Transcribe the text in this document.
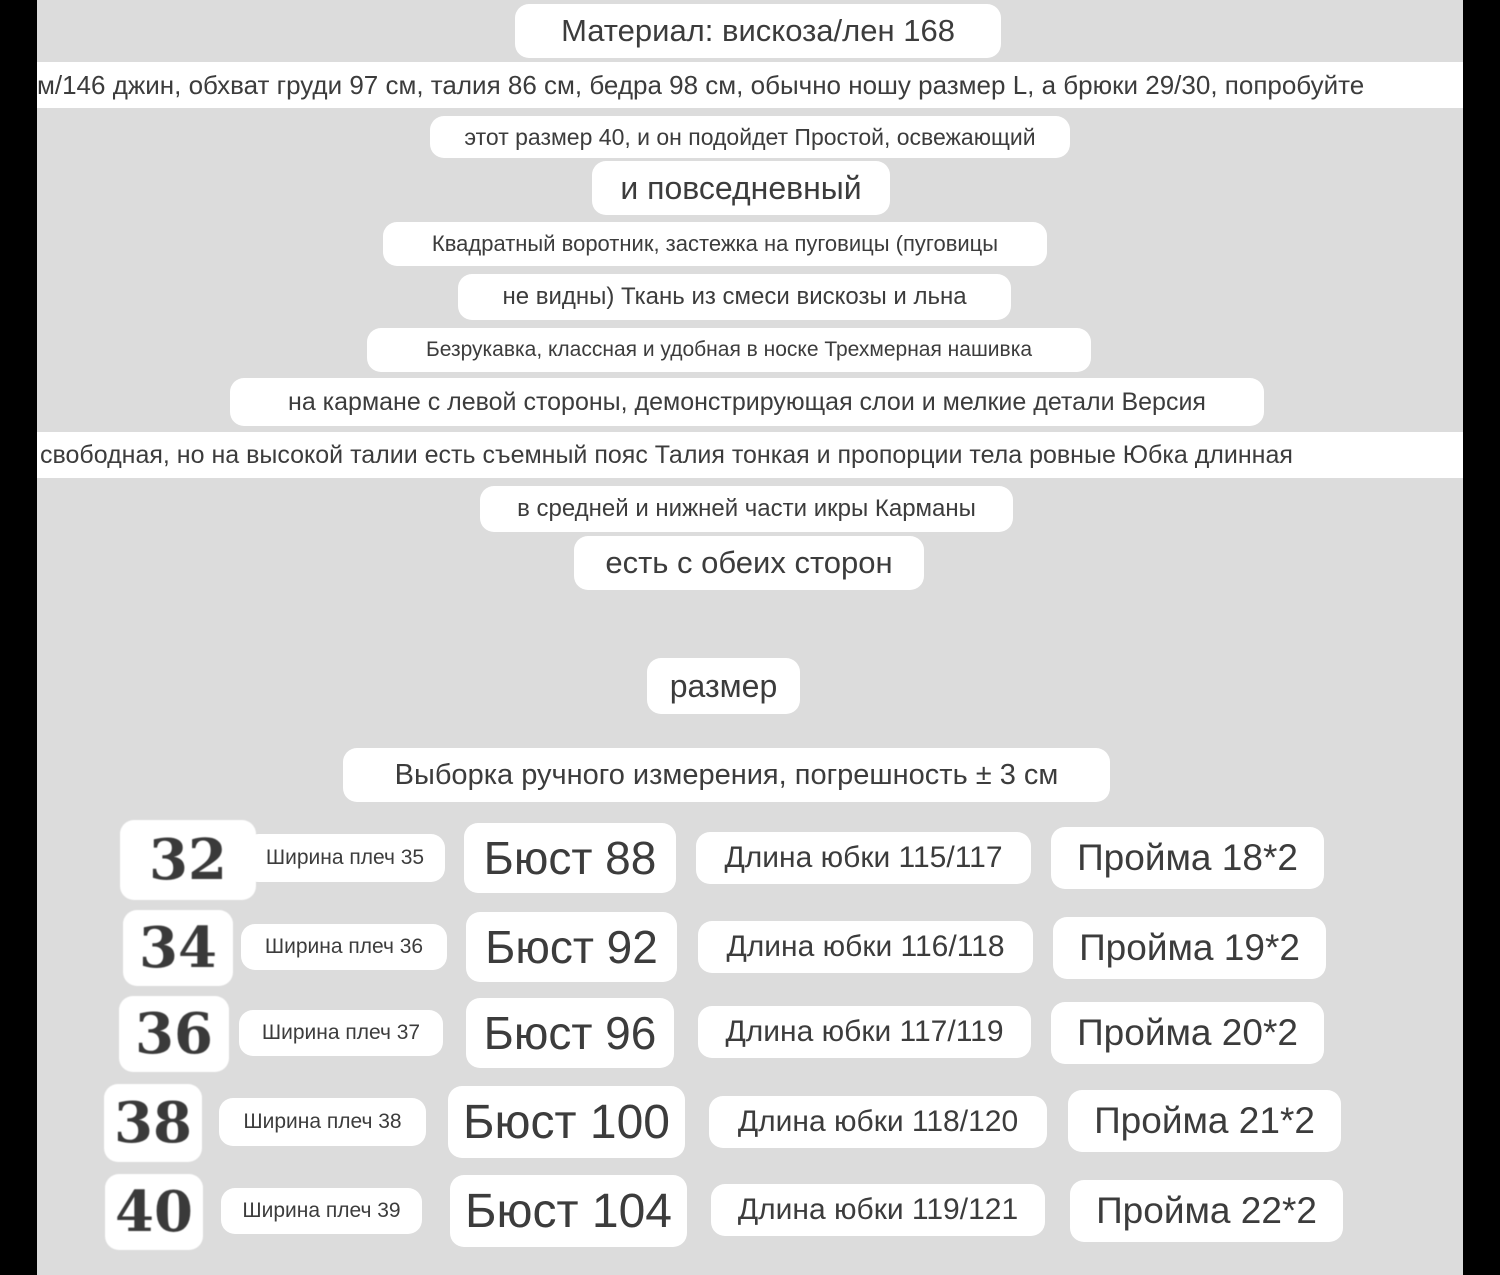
Материал: вискоза/лен 168
м/146 джин, обхват груди 97 см, талия 86 см, бедра 98 см, обычно ношу размер L, а брюки 29/30, попробуйте
этот размер 40, и он подойдет Простой, освежающий
и повседневный
Квадратный воротник, застежка на пуговицы (пуговицы
не видны) Ткань из смеси вискозы и льна
Безрукавка, классная и удобная в носке Трехмерная нашивка
на кармане с левой стороны, демонстрирующая слои и мелкие детали Версия
свободная, но на высокой талии есть съемный пояс Талия тонкая и пропорции тела ровные Юбка длинная
в средней и нижней части икры Карманы
есть с обеих сторон
размер
Выборка ручного измерения, погрешность ± 3 см
32	Ширина плеч 35	Бюст 88	Длина юбки 115/117	Пройма 18*2
34	Ширина плеч 36	Бюст 92	Длина юбки 116/118	Пройма 19*2
36	Ширина плеч 37	Бюст 96	Длина юбки 117/119	Пройма 20*2
38	Ширина плеч 38	Бюст 100	Длина юбки 118/120	Пройма 21*2
40	Ширина плеч 39	Бюст 104	Длина юбки 119/121	Пройма 22*2
